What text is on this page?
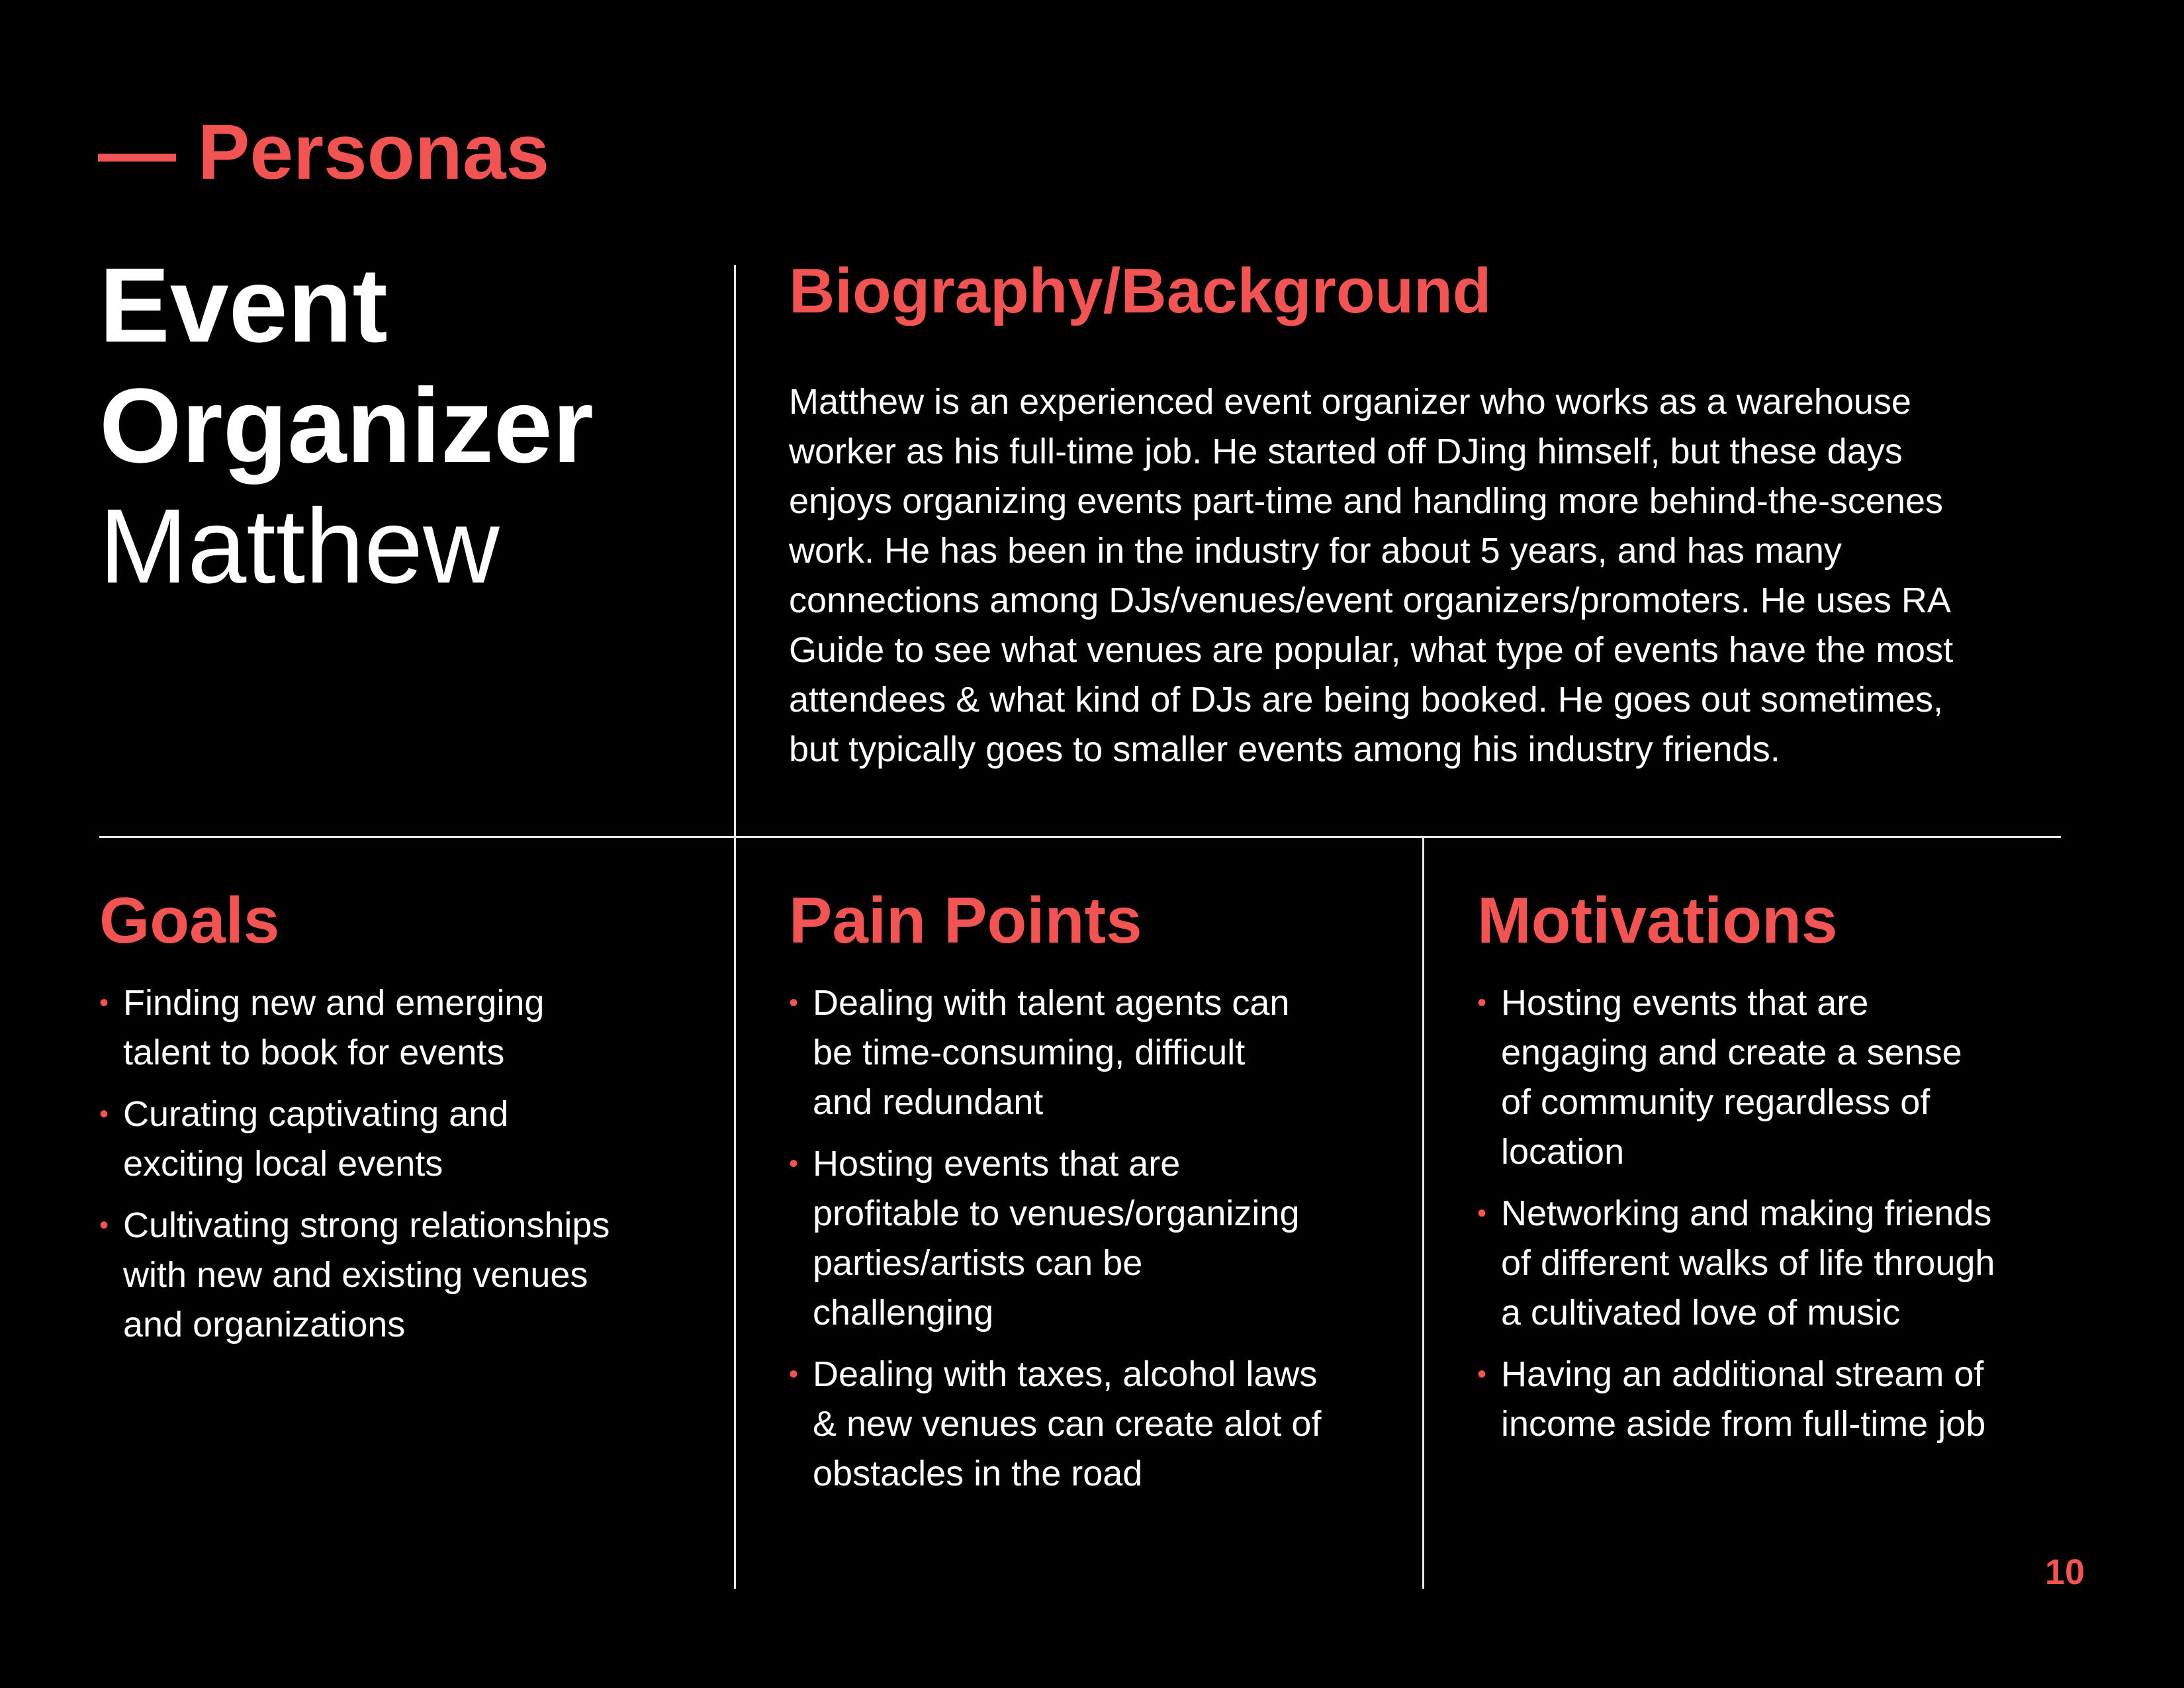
— Personas
Event
Organizer
Matthew
Biography/Background
Matthew is an experienced event organizer who works as a warehouse
worker as his full-time job. He started off DJing himself, but these days
enjoys organizing events part-time and handling more behind-the-scenes
work. He has been in the industry for about 5 years, and has many
connections among DJs/venues/event organizers/promoters. He uses RA
Guide to see what venues are popular, what type of events have the most
attendees & what kind of DJs are being booked. He goes out sometimes,
but typically goes to smaller events among his industry friends.
Goals
• Finding new and emerging
talent to book for events
• Curating captivating and
exciting local events
• Cultivating strong relationships
with new and existing venues
and organizations
Pain Points
• Dealing with talent agents can
be time-consuming, difficult
and redundant
• Hosting events that are
profitable to venues/organizing
parties/artists can be
challenging
• Dealing with taxes, alcohol laws
& new venues can create alot of
obstacles in the road
Motivations
• Hosting events that are
engaging and create a sense
of community regardless of
location
• Networking and making friends
of different walks of life through
a cultivated love of music
• Having an additional stream of
income aside from full-time job
10
